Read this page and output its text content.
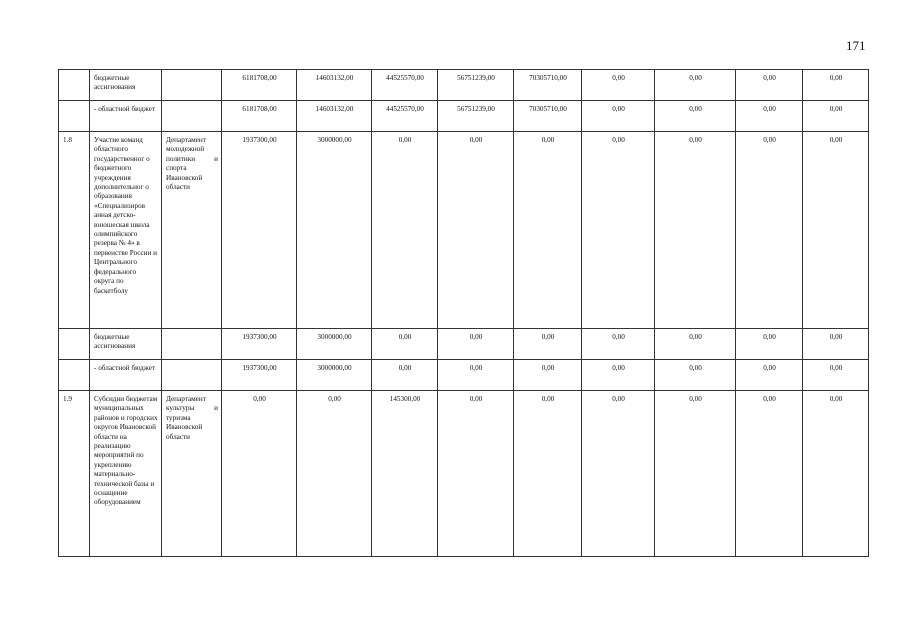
171
	бюджетные ассигнования		6181708,00	14603132,00	44525570,00	56751239,00	70305710,00	0,00	0,00	0,00	0,00
	- областной бюджет		6181708,00	14603132,00	44525570,00	56751239,00	70305710,00	0,00	0,00	0,00	0,00
1.8	Участие команд областного государственног о бюджетного учреждения дополнительног о образования «Специализиров анная детско-юношеская школа олимпийского резерва № 4» в первенстве России и Центрального федерального округа по баскетболу	Департамент молодежной политики и спорта Ивановской области	1937300,00	3000000,00	0,00	0,00	0,00	0,00	0,00	0,00	0,00
	бюджетные ассигнования		1937300,00	3000000,00	0,00	0,00	0,00	0,00	0,00	0,00	0,00
	- областной бюджет		1937300,00	3000000,00	0,00	0,00	0,00	0,00	0,00	0,00	0,00
1.9	Субсидии бюджетам муниципальных районов и городских округов Ивановской области на реализацию мероприятий по укреплению материально-технической базы и оснащение оборудованием	Департамент культуры и туризма Ивановской области	0,00	0,00	145300,00	0,00	0,00	0,00	0,00	0,00	0,00
